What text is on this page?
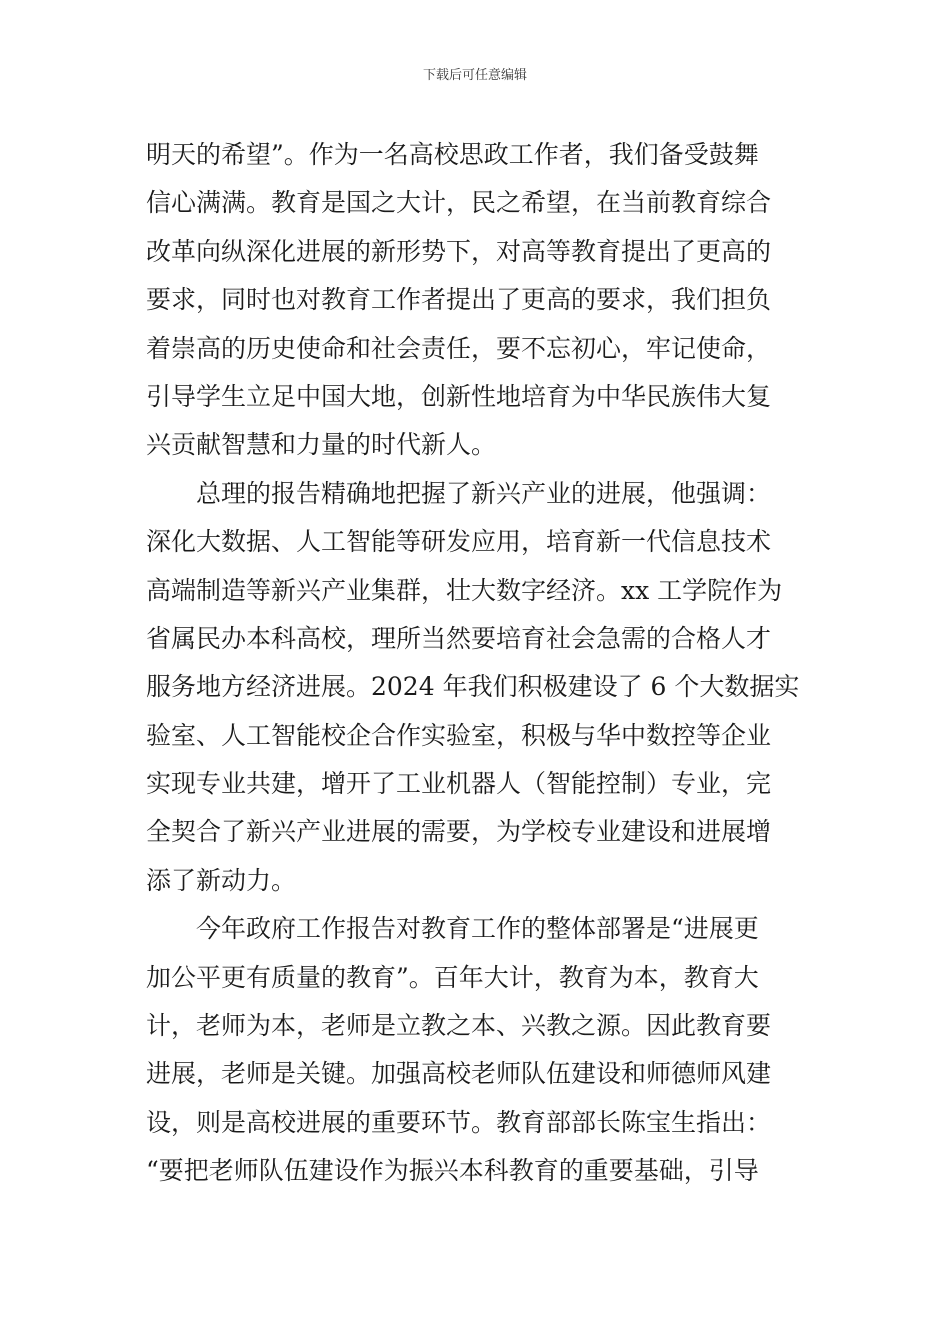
下载后可任意编辑
明天的希望”。作为一名高校思政工作者，我们备受鼓舞
信心满满。教育是国之大计，民之希望，在当前教育综合
改革向纵深化进展的新形势下，对高等教育提出了更高的
要求，同时也对教育工作者提出了更高的要求，我们担负
着崇高的历史使命和社会责任，要不忘初心，牢记使命，
引导学生立足中国大地，创新性地培育为中华民族伟大复
兴贡献智慧和力量的时代新人。
总理的报告精确地把握了新兴产业的进展，他强调：
深化大数据、人工智能等研发应用，培育新一代信息技术
高端制造等新兴产业集群，壮大数字经济。xx 工学院作为
省属民办本科高校，理所当然要培育社会急需的合格人才
服务地方经济进展。2024 年我们积极建设了 6 个大数据实
验室、人工智能校企合作实验室，积极与华中数控等企业
实现专业共建，增开了工业机器人（智能控制）专业，完
全契合了新兴产业进展的需要，为学校专业建设和进展增
添了新动力。
今年政府工作报告对教育工作的整体部署是“进展更
加公平更有质量的教育”。百年大计，教育为本，教育大
计，老师为本，老师是立教之本、兴教之源。因此教育要
进展，老师是关键。加强高校老师队伍建设和师德师风建
设，则是高校进展的重要环节。教育部部长陈宝生指出：
“要把老师队伍建设作为振兴本科教育的重要基础，引导
